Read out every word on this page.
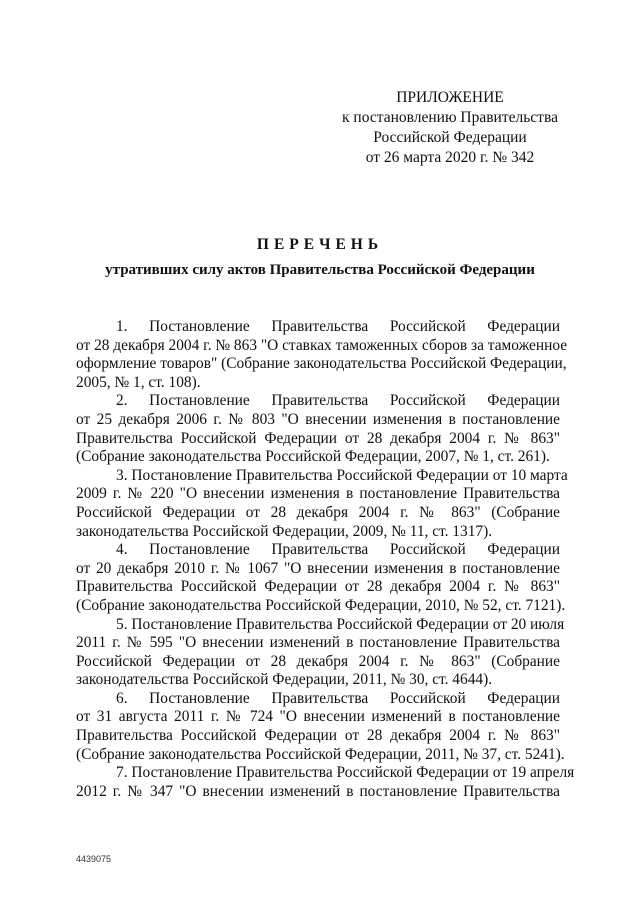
ПРИЛОЖЕНИЕ
к постановлению Правительства
Российской Федерации
от 26 марта 2020 г. № 342
ПЕРЕЧЕНЬ
утративших силу актов Правительства Российской Федерации
1. Постановление Правительства Российской Федерации
от 28 декабря 2004 г. № 863 "О ставках таможенных сборов за таможенное
оформление товаров" (Собрание законодательства Российской Федерации,
2005, № 1, ст. 108).
2. Постановление Правительства Российской Федерации
от 25 декабря 2006 г. № 803 "О внесении изменения в постановление
Правительства Российской Федерации от 28 декабря 2004 г. № 863"
(Собрание законодательства Российской Федерации, 2007, № 1, ст. 261).
3. Постановление Правительства Российской Федерации от 10 марта
2009 г. № 220 "О внесении изменения в постановление Правительства
Российской Федерации от 28 декабря 2004 г. № 863" (Собрание
законодательства Российской Федерации, 2009, № 11, ст. 1317).
4. Постановление Правительства Российской Федерации
от 20 декабря 2010 г. № 1067 "О внесении изменения в постановление
Правительства Российской Федерации от 28 декабря 2004 г. № 863"
(Собрание законодательства Российской Федерации, 2010, № 52, ст. 7121).
5. Постановление Правительства Российской Федерации от 20 июля
2011 г. № 595 "О внесении изменений в постановление Правительства
Российской Федерации от 28 декабря 2004 г. № 863" (Собрание
законодательства Российской Федерации, 2011, № 30, ст. 4644).
6. Постановление Правительства Российской Федерации
от 31 августа 2011 г. № 724 "О внесении изменений в постановление
Правительства Российской Федерации от 28 декабря 2004 г. № 863"
(Собрание законодательства Российской Федерации, 2011, № 37, ст. 5241).
7. Постановление Правительства Российской Федерации от 19 апреля
2012 г. № 347 "О внесении изменений в постановление Правительства
4439075
